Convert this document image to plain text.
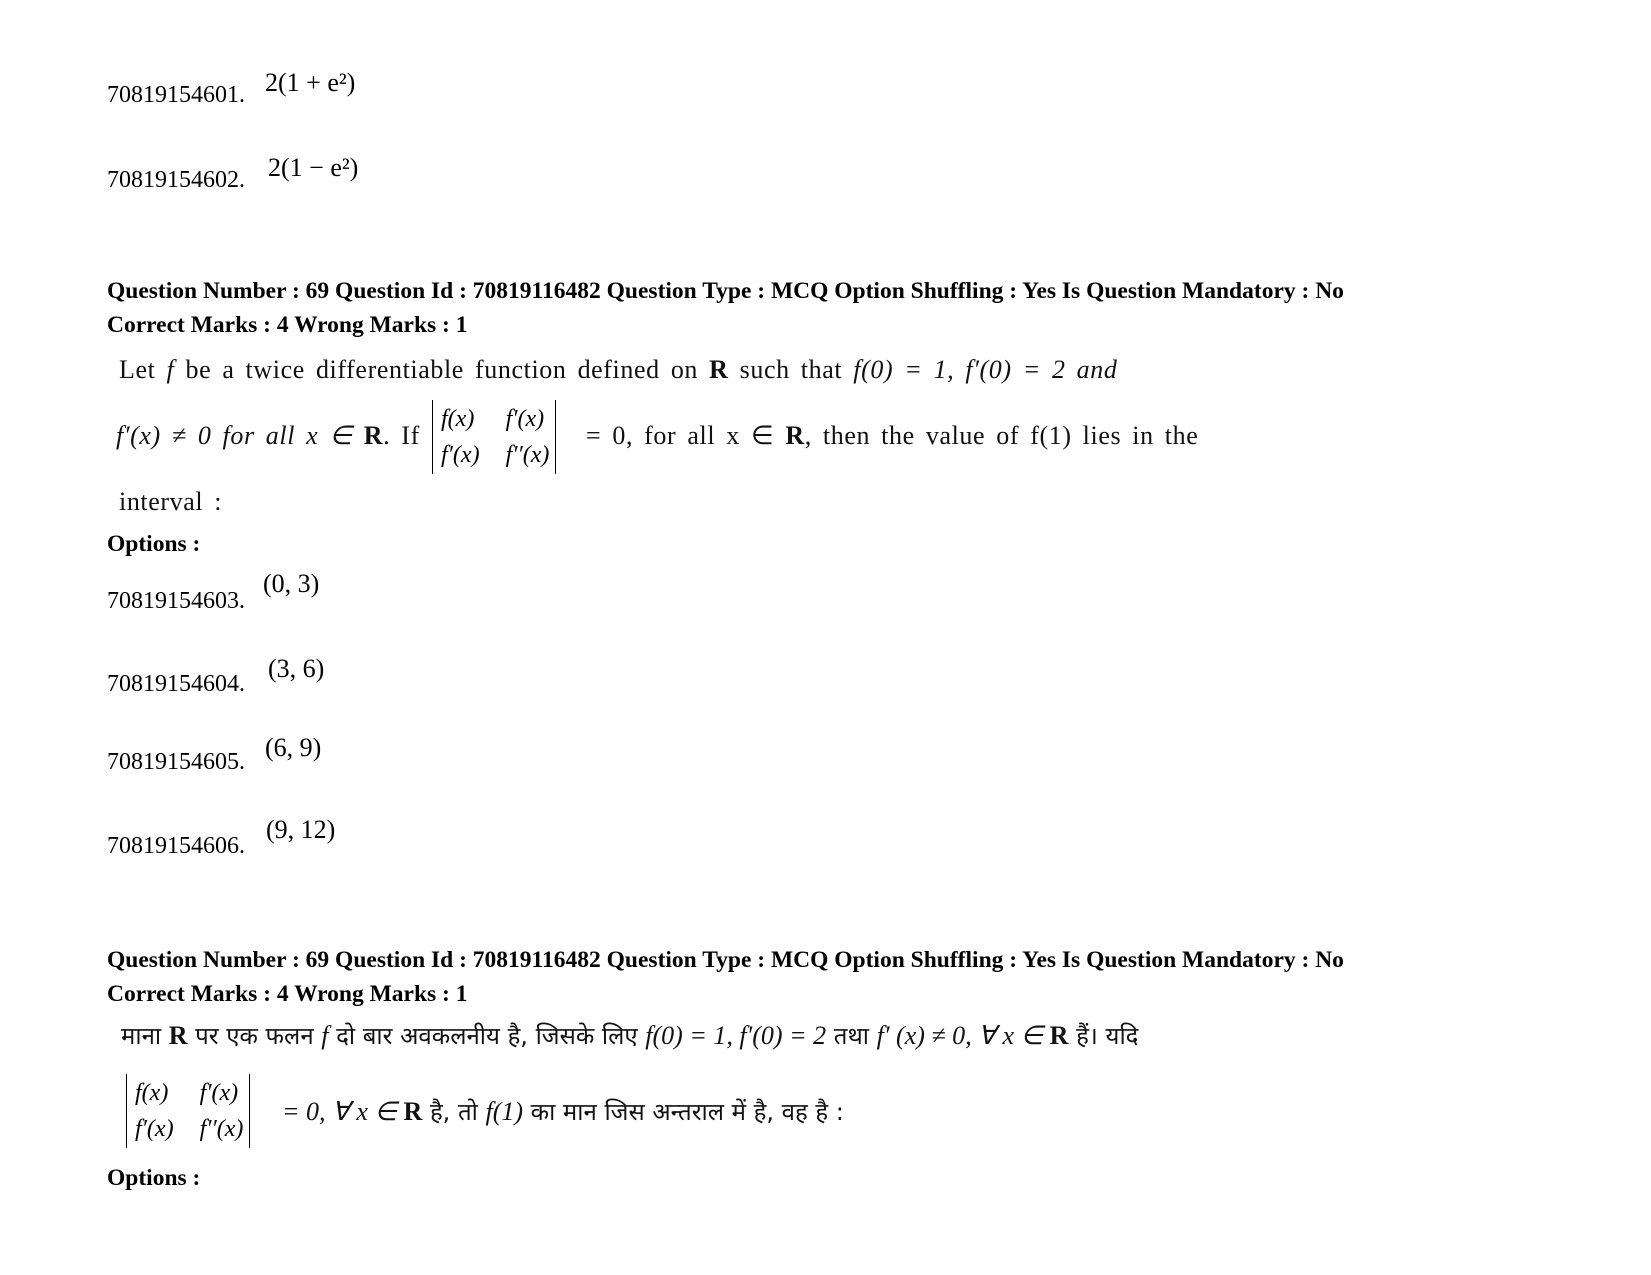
70819154601. 2(1 + e²)
70819154602. 2(1 − e²)
Question Number : 69 Question Id : 70819116482 Question Type : MCQ Option Shuffling : Yes Is Question Mandatory : No
Correct Marks : 4 Wrong Marks : 1
Let f be a twice differentiable function defined on R such that f(0) = 1, f′(0) = 2 and
f′(x) ≠ 0 for all x ∈ R. If
f(x) f′(x)
f′(x) f′′(x)
= 0, for all x ∈ R, then the value of f(1) lies in the
interval :
Options :
70819154603.
(0, 3)
70819154604.
(3, 6)
70819154605. (6, 9)
70819154606.
(9, 12)
Question Number : 69 Question Id : 70819116482 Question Type : MCQ Option Shuffling : Yes Is Question Mandatory : No
Correct Marks : 4 Wrong Marks : 1
माना R पर एक फलन f दो बार अवकलनीय है, जिसके लिए f(0) = 1, f′(0) = 2 तथा f′ (x) ≠ 0, ∀ x ∈ R हैं। यदि
f(x) f′(x)
f′(x) f′′(x)
= 0, ∀ x ∈ R है, तो f(1) का मान जिस अन्तराल में है, वह है :
Options :
